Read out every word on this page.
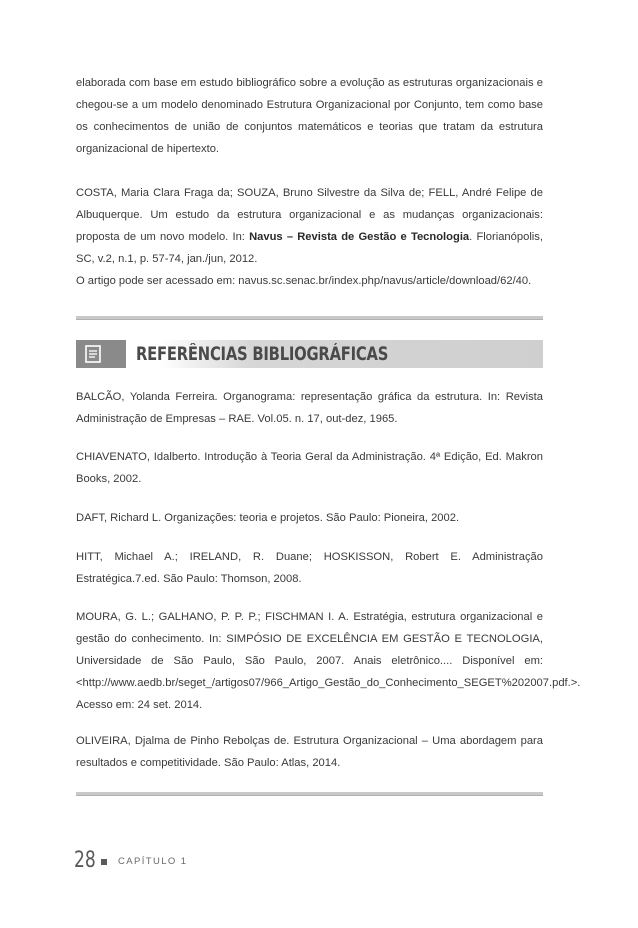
elaborada com base em estudo bibliográfico sobre a evolução as estruturas organizacionais e chegou-se a um modelo denominado Estrutura Organizacional por Conjunto, tem como base os conhecimentos de união de conjuntos matemáticos e teorias que tratam da estrutura organizacional de hipertexto.

COSTA, Maria Clara Fraga da; SOUZA, Bruno Silvestre da Silva de; FELL, André Felipe de Albuquerque. Um estudo da estrutura organizacional e as mudanças organizacionais: proposta de um novo modelo. In: Navus – Revista de Gestão e Tecnologia. Florianópolis, SC, v.2, n.1, p. 57-74, jan./jun, 2012.

O artigo pode ser acessado em: navus.sc.senac.br/index.php/navus/article/download/62/40.

REFERÊNCIAS BIBLIOGRÁFICAS

BALCÃO, Yolanda Ferreira. Organograma: representação gráfica da estrutura. In: Revista Administração de Empresas – RAE. Vol.05. n. 17, out-dez, 1965.

CHIAVENATO, Idalberto. Introdução à Teoria Geral da Administração. 4ª Edição, Ed. Makron Books, 2002.

DAFT, Richard L. Organizações: teoria e projetos. São Paulo: Pioneira, 2002.

HITT, Michael A.; IRELAND, R. Duane; HOSKISSON, Robert E. Administração Estratégica.7.ed. São Paulo: Thomson, 2008.

MOURA, G. L.; GALHANO, P. P. P.; FISCHMAN I. A. Estratégia, estrutura organizacional e gestão do conhecimento. In: SIMPÓSIO DE EXCELÊNCIA EM GESTÃO E TECNOLOGIA, Universidade de São Paulo, São Paulo, 2007. Anais eletrônico.... Disponível em: <http://www.aedb.br/seget_/artigos07/966_Artigo_Gestão_do_Conhecimento_SEGET%202007.pdf.>. Acesso em: 24 set. 2014.

OLIVEIRA, Djalma de Pinho Rebolças de. Estrutura Organizacional – Uma abordagem para resultados e competitividade. São Paulo: Atlas, 2014.

28 CAPÍTULO 1
